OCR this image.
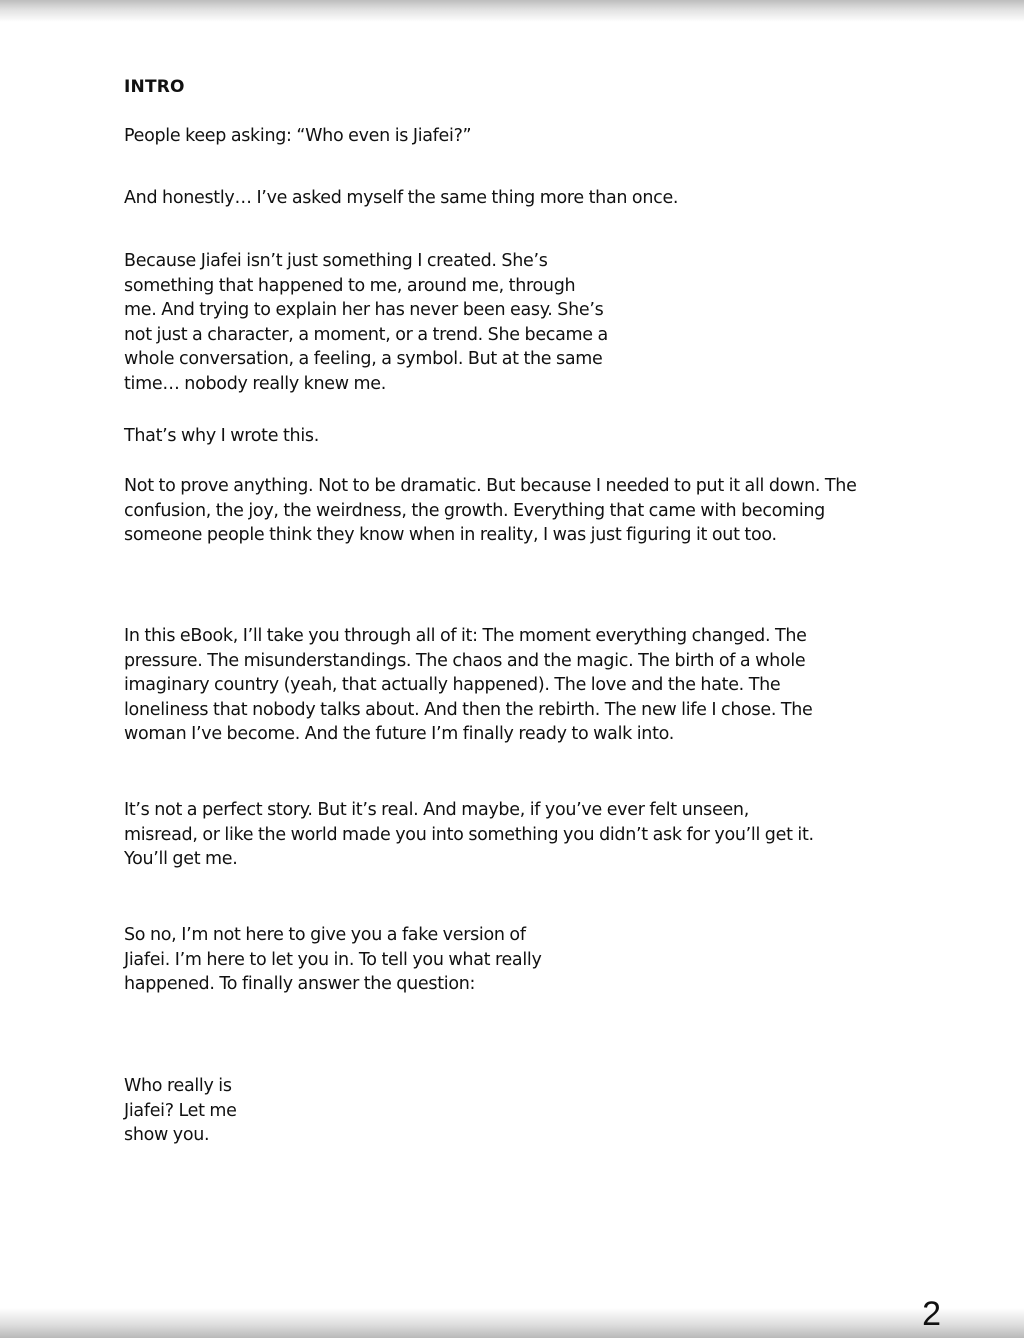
INTRO

People keep asking: “Who even is Jiafei?”

And honestly… I’ve asked myself the same thing more than once.

Because Jiafei isn’t just something I created. She’s
something that happened to me, around me, through
me. And trying to explain her has never been easy. She’s
not just a character, a moment, or a trend. She became a
whole conversation, a feeling, a symbol. But at the same
time… nobody really knew me.

That’s why I wrote this.

Not to prove anything. Not to be dramatic. But because I needed to put it all down. The
confusion, the joy, the weirdness, the growth. Everything that came with becoming
someone people think they know when in reality, I was just figuring it out too.

In this eBook, I’ll take you through all of it: The moment everything changed. The
pressure. The misunderstandings. The chaos and the magic. The birth of a whole
imaginary country (yeah, that actually happened). The love and the hate. The
loneliness that nobody talks about. And then the rebirth. The new life I chose. The
woman I’ve become. And the future I’m finally ready to walk into.

It’s not a perfect story. But it’s real. And maybe, if you’ve ever felt unseen,
misread, or like the world made you into something you didn’t ask for you’ll get it.
You’ll get me.

So no, I’m not here to give you a fake version of
Jiafei. I’m here to let you in. To tell you what really
happened. To finally answer the question:

Who really is
Jiafei? Let me
show you.

2
